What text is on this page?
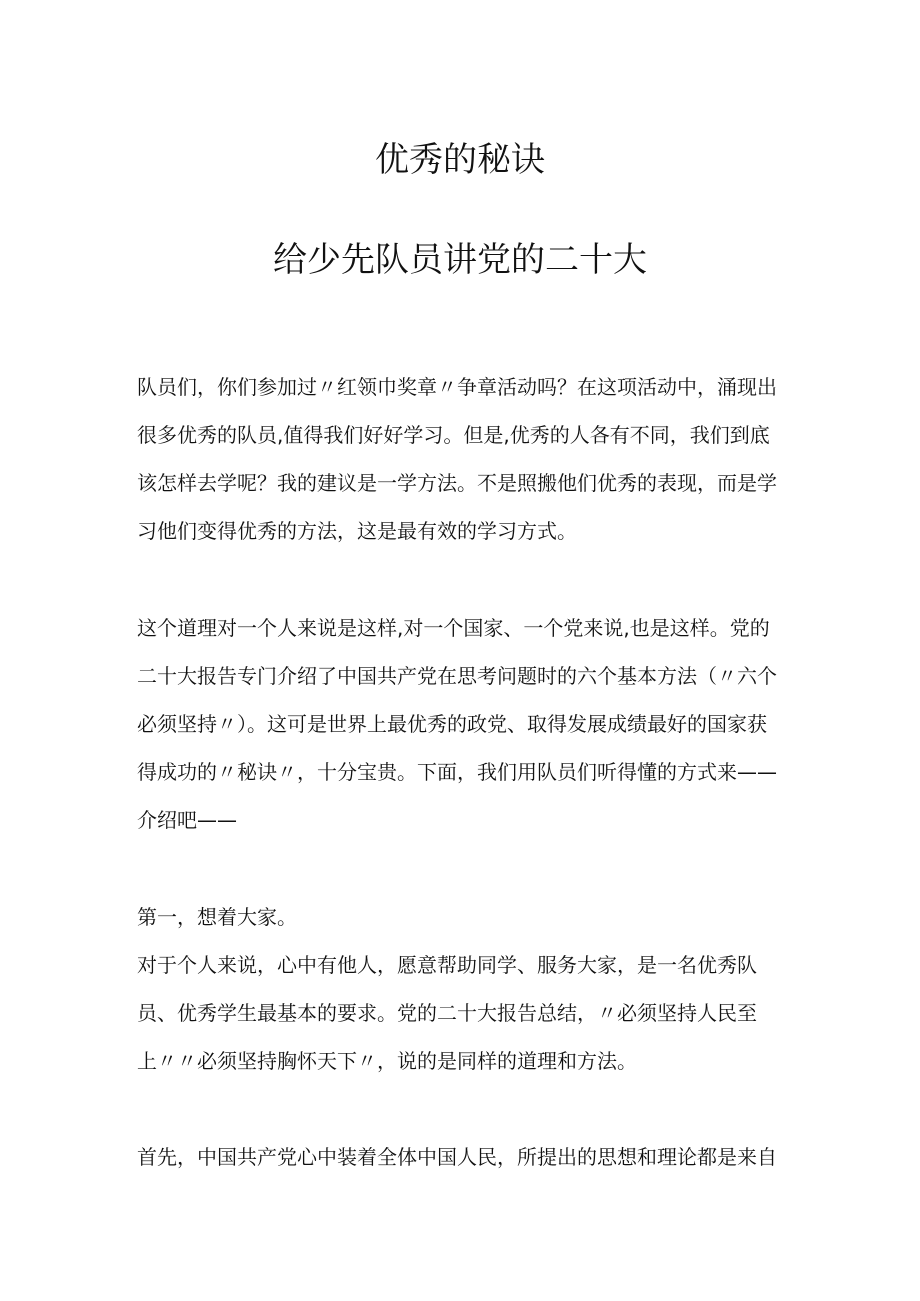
优秀的秘诀
给少先队员讲党的二十大
队员们，你们参加过〃红领巾奖章〃争章活动吗？在这项活动中，涌现出
很多优秀的队员,值得我们好好学习。但是,优秀的人各有不同，我们到底
该怎样去学呢？我的建议是一学方法。不是照搬他们优秀的表现，而是学
习他们变得优秀的方法，这是最有效的学习方式。
这个道理对一个人来说是这样,对一个国家、一个党来说,也是这样。党的
二十大报告专门介绍了中国共产党在思考问题时的六个基本方法（〃六个
必须坚持〃）。这可是世界上最优秀的政党、取得发展成绩最好的国家获
得成功的〃秘诀〃，十分宝贵。下面，我们用队员们听得懂的方式来——
介绍吧——
第一，想着大家。
对于个人来说，心中有他人，愿意帮助同学、服务大家，是一名优秀队
员、优秀学生最基本的要求。党的二十大报告总结，〃必须坚持人民至
上〃〃必须坚持胸怀天下〃，说的是同样的道理和方法。
首先，中国共产党心中装着全体中国人民，所提出的思想和理论都是来自
